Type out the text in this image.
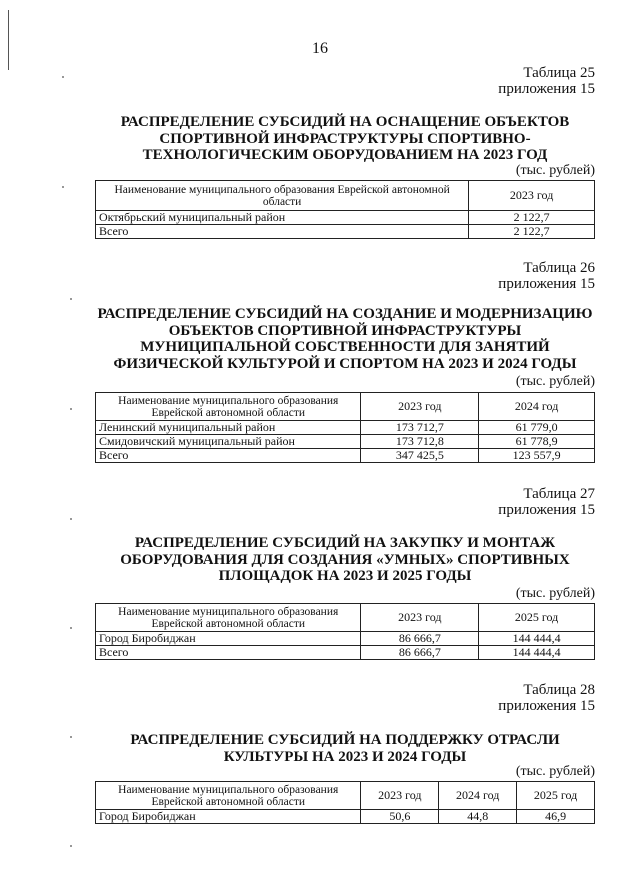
16
Таблица 25
приложения 15
РАСПРЕДЕЛЕНИЕ СУБСИДИЙ НА ОСНАЩЕНИЕ ОБЪЕКТОВ
СПОРТИВНОЙ ИНФРАСТРУКТУРЫ СПОРТИВНО-
ТЕХНОЛОГИЧЕСКИМ ОБОРУДОВАНИЕМ НА 2023 ГОД
(тыс. рублей)
Наименование муниципального образования Еврейской автономной области	2023 год
Октябрьский муниципальный район	2 122,7
Всего	2 122,7
Таблица 26
приложения 15
РАСПРЕДЕЛЕНИЕ СУБСИДИЙ НА СОЗДАНИЕ И МОДЕРНИЗАЦИЮ
ОБЪЕКТОВ СПОРТИВНОЙ ИНФРАСТРУКТУРЫ
МУНИЦИПАЛЬНОЙ СОБСТВЕННОСТИ ДЛЯ ЗАНЯТИЙ
ФИЗИЧЕСКОЙ КУЛЬТУРОЙ И СПОРТОМ НА 2023 И 2024 ГОДЫ
(тыс. рублей)
Наименование муниципального образования Еврейской автономной области	2023 год	2024 год
Ленинский муниципальный район	173 712,7	61 779,0
Смидовичский муниципальный район	173 712,8	61 778,9
Всего	347 425,5	123 557,9
Таблица 27
приложения 15
РАСПРЕДЕЛЕНИЕ СУБСИДИЙ НА ЗАКУПКУ И МОНТАЖ
ОБОРУДОВАНИЯ ДЛЯ СОЗДАНИЯ «УМНЫХ» СПОРТИВНЫХ
ПЛОЩАДОК НА 2023 И 2025 ГОДЫ
(тыс. рублей)
Наименование муниципального образования Еврейской автономной области	2023 год	2025 год
Город Биробиджан	86 666,7	144 444,4
Всего	86 666,7	144 444,4
Таблица 28
приложения 15
РАСПРЕДЕЛЕНИЕ СУБСИДИЙ НА ПОДДЕРЖКУ ОТРАСЛИ
КУЛЬТУРЫ НА 2023 И 2024 ГОДЫ
(тыс. рублей)
Наименование муниципального образования Еврейской автономной области	2023 год	2024 год	2025 год
Город Биробиджан	50,6	44,8	46,9
